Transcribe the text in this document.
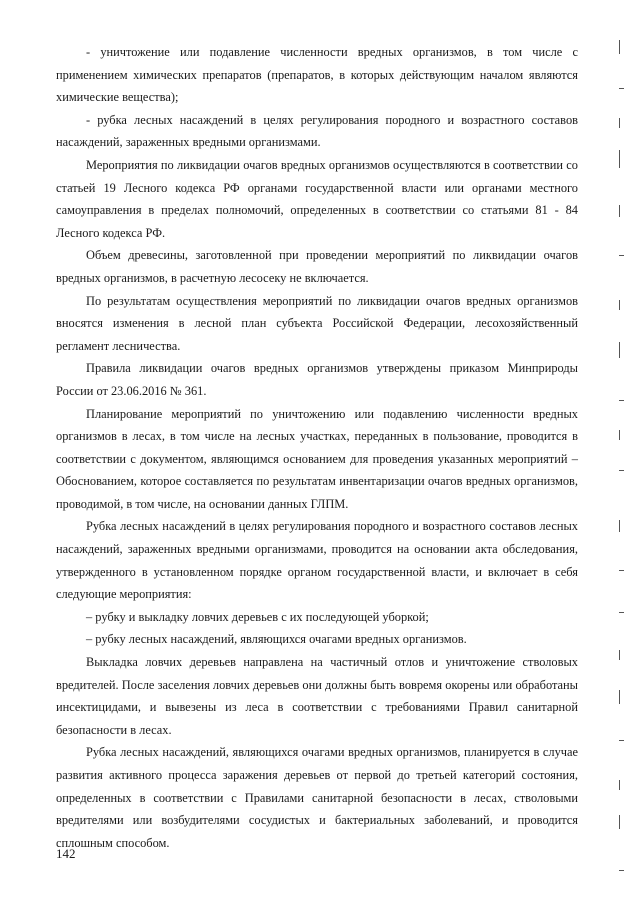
- уничтожение или подавление численности вредных организмов, в том числе с применением химических препаратов (препаратов, в которых действующим началом являются химические вещества);

- рубка лесных насаждений в целях регулирования породного и возрастного составов насаждений, зараженных вредными организмами.

Мероприятия по ликвидации очагов вредных организмов осуществляются в соответствии со статьей 19 Лесного кодекса РФ органами государственной власти или органами местного самоуправления в пределах полномочий, определенных в соответствии со статьями 81 - 84 Лесного кодекса РФ.

Объем древесины, заготовленной при проведении мероприятий по ликвидации очагов вредных организмов, в расчетную лесосеку не включается.

По результатам осуществления мероприятий по ликвидации очагов вредных организмов вносятся изменения в лесной план субъекта Российской Федерации, лесохозяйственный регламент лесничества.

Правила ликвидации очагов вредных организмов утверждены приказом Минприроды России от 23.06.2016 № 361.

Планирование мероприятий по уничтожению или подавлению численности вредных организмов в лесах, в том числе на лесных участках, переданных в пользование, проводится в соответствии с документом, являющимся основанием для проведения указанных мероприятий – Обоснованием, которое составляется по результатам инвентаризации очагов вредных организмов, проводимой, в том числе, на основании данных ГЛПМ.

Рубка лесных насаждений в целях регулирования породного и возрастного составов лесных насаждений, зараженных вредными организмами, проводится на основании акта обследования, утвержденного в установленном порядке органом государственной власти, и включает в себя следующие мероприятия:

– рубку и выкладку ловчих деревьев с их последующей уборкой;

– рубку лесных насаждений, являющихся очагами вредных организмов.

Выкладка ловчих деревьев направлена на частичный отлов и уничтожение стволовых вредителей. После заселения ловчих деревьев они должны быть вовремя окорены или обработаны инсектицидами, и вывезены из леса в соответствии с требованиями Правил санитарной безопасности в лесах.

Рубка лесных насаждений, являющихся очагами вредных организмов, планируется в случае развития активного процесса заражения деревьев от первой до третьей категорий состояния, определенных в соответствии с Правилами санитарной безопасности в лесах, стволовыми вредителями или возбудителями сосудистых и бактериальных заболеваний, и проводится сплошным способом.

142
